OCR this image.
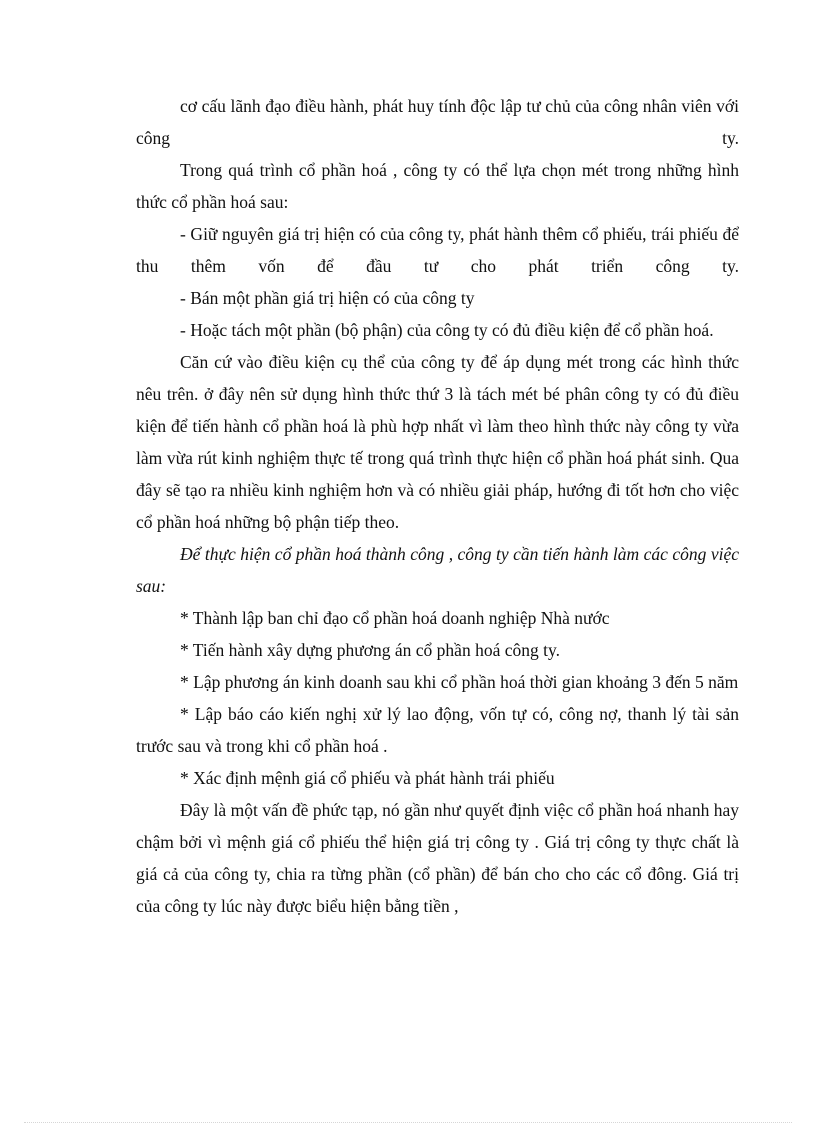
cơ cấu lãnh đạo điều hành, phát huy tính độc lập tư chủ của công nhân viên với công ty.

Trong quá trình cổ phần hoá , công ty có thể lựa chọn mét trong những hình thức cổ phần hoá sau:

- Giữ nguyên giá trị hiện có của công ty, phát hành thêm cổ phiếu, trái phiếu để thu thêm vốn để đầu tư cho phát triển công ty.

- Bán một phần giá trị hiện có của công ty

- Hoặc tách một phần (bộ phận) của công ty có đủ điều kiện để cổ phần hoá.

Căn cứ vào điều kiện cụ thể của công ty để áp dụng mét trong các hình thức nêu trên. ở đây nên sử dụng hình thức thứ 3 là tách mét bé phân công ty có đủ điều kiện để tiến hành cổ phần hoá là phù hợp nhất vì làm theo hình thức này công ty vừa làm vừa rút kinh nghiệm thực tế trong quá trình thực hiện cổ phần hoá phát sinh. Qua đây sẽ tạo ra nhiều kinh nghiệm hơn và có nhiều giải pháp, hướng đi tốt hơn cho việc cổ phần hoá những bộ phận tiếp theo.

Để thực hiện cổ phần hoá thành công , công ty cần tiến hành làm các công việc sau:

* Thành lập ban chỉ đạo cổ phần hoá doanh nghiệp Nhà nước

* Tiến hành xây dựng phương án cổ phần hoá công ty.

* Lập phương án kinh doanh sau khi cổ phần hoá thời gian khoảng 3 đến 5 năm

* Lập báo cáo kiến nghị xử lý lao động, vốn tự có, công nợ, thanh lý tài sản trước sau và trong khi cổ phần hoá .

* Xác định mệnh giá cổ phiếu và phát hành trái phiếu

Đây là một vấn đề phức tạp, nó gần như quyết định việc cổ phần hoá nhanh hay chậm bởi vì mệnh giá cổ phiếu thể hiện giá trị công ty . Giá trị công ty thực chất là giá cả của công ty, chia ra từng phần (cổ phần) để bán cho cho các cổ đông. Giá trị của công ty lúc này được biểu hiện bằng tiền ,
